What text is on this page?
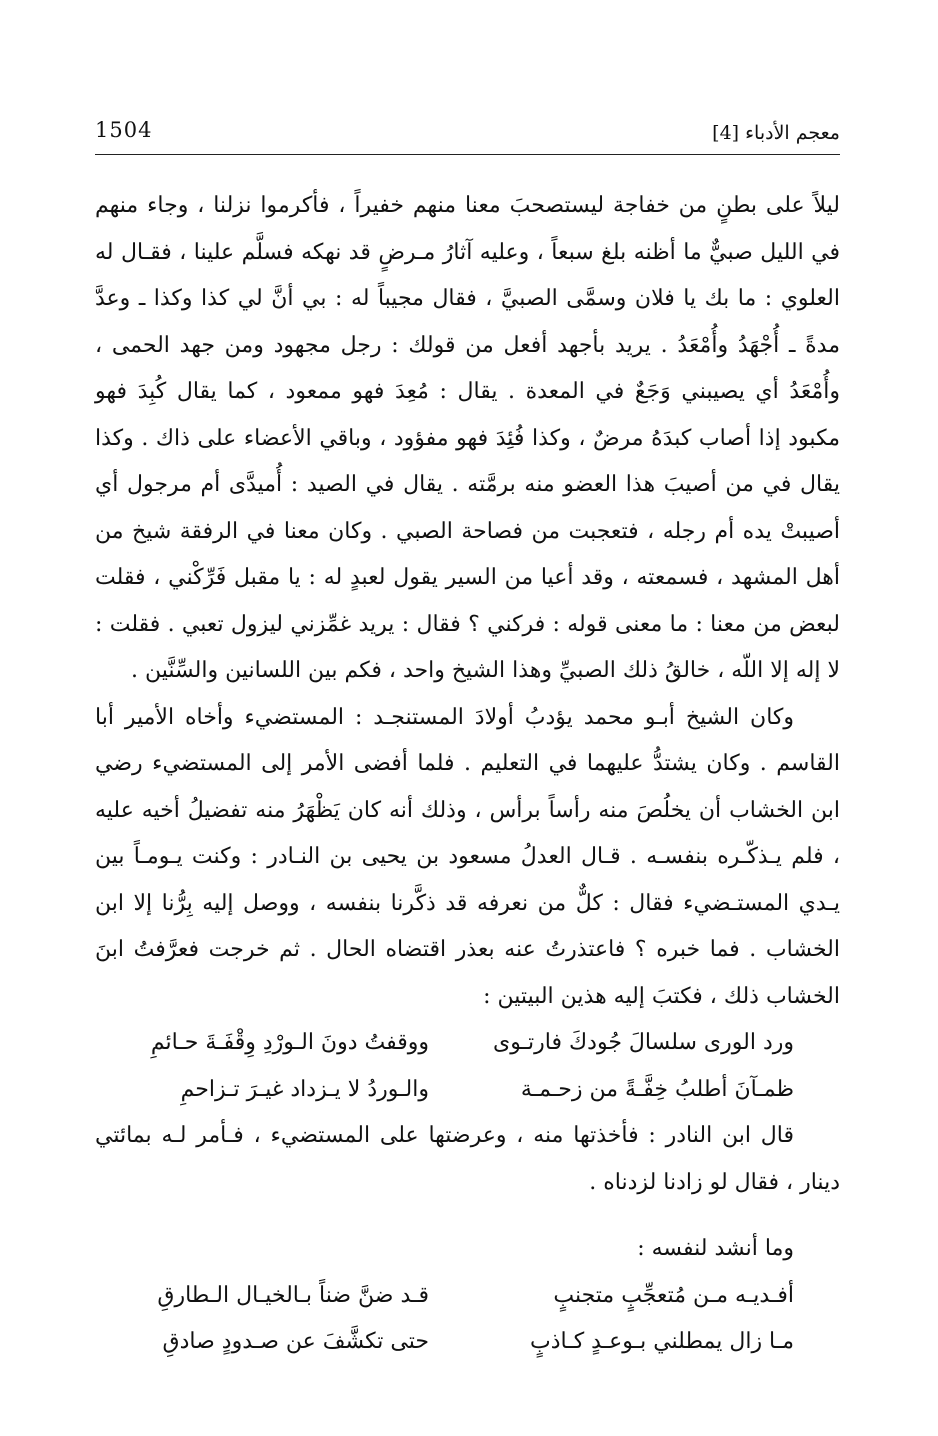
1504	معجم الأدباء [4]

ليلاً على بطنٍ من خفاجة ليستصحبَ معنا منهم خفيراً ، فأكرموا نزلنا ، وجاء منهم في الليل صبيٌّ ما أظنه بلغ سبعاً ، وعليه آثارُ مـرضٍ قد نهكه فسلَّم علينا ، فقـال له العلوي : ما بك يا فلان وسمَّى الصبيَّ ، فقال مجيباً له : بي أنَّ لي كذا وكذا ـ وعدَّ مدةً ـ أُجْهَدُ وأُمْعَدُ . يريد بأجهد أفعل من قولك : رجل مجهود ومن جهد الحمى ، وأُمْعَدُ أي يصيبني وَجَعٌ في المعدة . يقال : مُعِدَ فهو ممعود ، كما يقال كُبِدَ فهو مكبود إذا أصاب كبدَهُ مرضٌ ، وكذا فُئِدَ فهو مفؤود ، وباقي الأعضاء على ذاك . وكذا يقال في من أصيبَ هذا العضو منه برمَّته . يقال في الصيد : أُميدَّى أم مرجول أي أصيبتْ يده أم رجله ، فتعجبت من فصاحة الصبي . وكان معنا في الرفقة شيخ من أهل المشهد ، فسمعته ، وقد أعيا من السير يقول لعبدٍ له : يا مقبل فَرِّكْني ، فقلت لبعض من معنا : ما معنى قوله : فركني ؟ فقال : يريد غمِّزني ليزول تعبي . فقلت : لا إله إلا اللّه ، خالقُ ذلك الصبيِّ وهذا الشيخ واحد ، فكم بين اللسانين والسِّنَّين .

وكان الشيخ أبـو محمد يؤدبُ أولادَ المستنجـد : المستضيء وأخاه الأمير أبا القاسم . وكان يشتدُّ عليهما في التعليم . فلما أفضى الأمر إلى المستضيء رضي ابن الخشاب أن يخلُصَ منه رأساً برأس ، وذلك أنه كان يَظْهَرُ منه تفضيلُ أخيه عليه ، فلم يـذكّـره بنفسـه . قـال العدلُ مسعود بن يحيى بن النـادر : وكنت يـومـاً بين يـدي المستـضيء فقال : كلٌّ من نعرفه قد ذكَّرنا بنفسه ، ووصل إليه بِرُّنا إلا ابن الخشاب . فما خبره ؟ فاعتذرتُ عنه بعذر اقتضاه الحال . ثم خرجت فعرَّفتُ ابنَ الخشاب ذلك ، فكتبَ إليه هذين البيتين :

ورد الورى سلسالَ جُودكَ فارتـوى
ووقفتُ دونَ الـورْدِ وِقْفَـةَ حـائمِ
ظمـآنَ أطلبُ خِفَّـةً من زحـمـة
والـوردُ لا يـزداد غيـرَ تـزاحمِ

قال ابن النادر : فأخذتها منه ، وعرضتها على المستضيء ، فـأمر لـه بمائتي دينار ، فقال لو زادنا لزدناه .

وما أنشد لنفسه :

أفـديـه مـن مُتعجِّبٍ متجنبٍ
قـد ضنَّ ضناً بـالخيـال الـطارقِ
مـا زال يمطلني بـوعـدٍ كـاذبٍ
حتى تكشَّفَ عن صـدودٍ صادقِ
